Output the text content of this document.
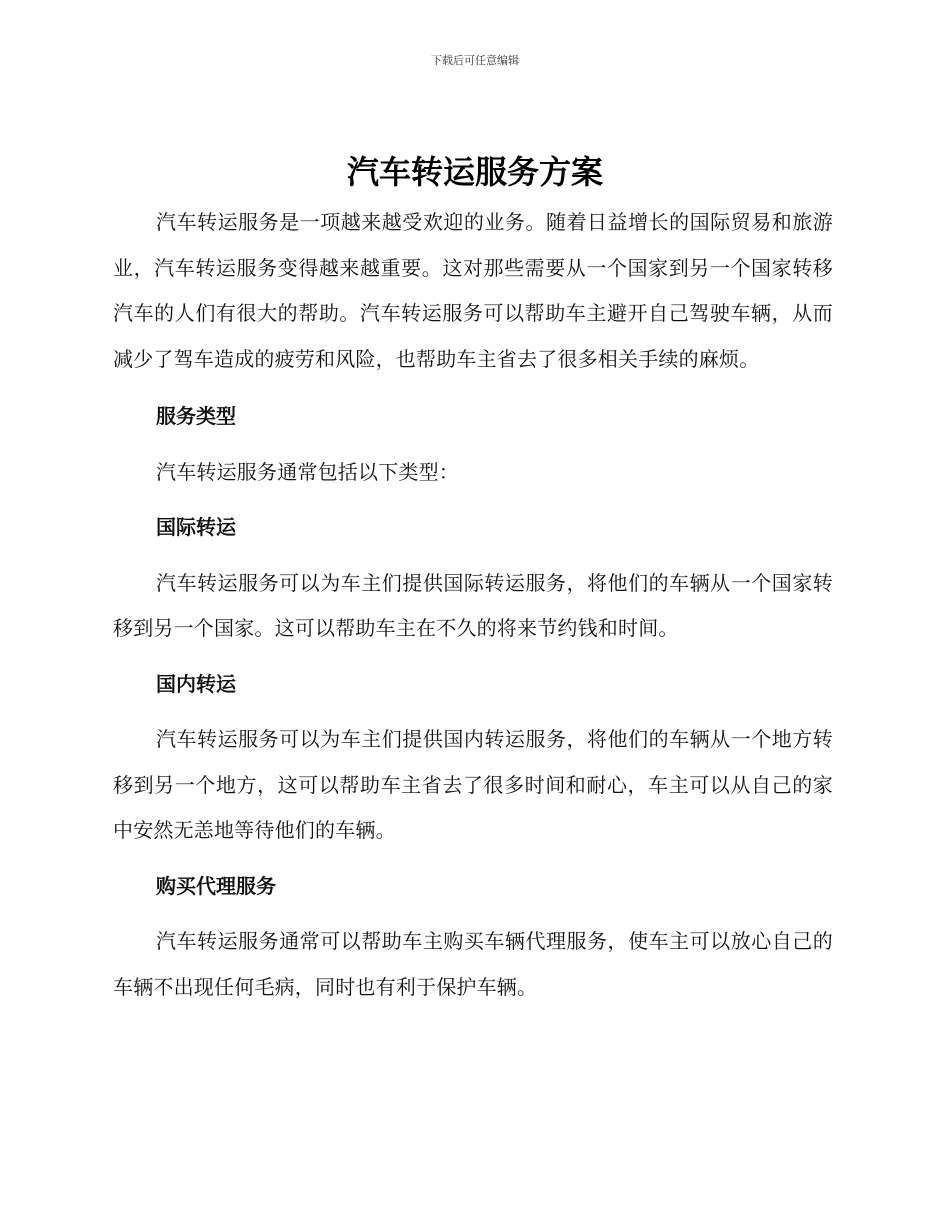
下载后可任意编辑
汽车转运服务方案

汽车转运服务是一项越来越受欢迎的业务。随着日益增长的国际贸易和旅游业，汽车转运服务变得越来越重要。这对那些需要从一个国家到另一个国家转移汽车的人们有很大的帮助。汽车转运服务可以帮助车主避开自己驾驶车辆，从而减少了驾车造成的疲劳和风险，也帮助车主省去了很多相关手续的麻烦。

服务类型

汽车转运服务通常包括以下类型：

国际转运

汽车转运服务可以为车主们提供国际转运服务，将他们的车辆从一个国家转移到另一个国家。这可以帮助车主在不久的将来节约钱和时间。

国内转运

汽车转运服务可以为车主们提供国内转运服务，将他们的车辆从一个地方转移到另一个地方，这可以帮助车主省去了很多时间和耐心，车主可以从自己的家中安然无恙地等待他们的车辆。

购买代理服务

汽车转运服务通常可以帮助车主购买车辆代理服务，使车主可以放心自己的车辆不出现任何毛病，同时也有利于保护车辆。
